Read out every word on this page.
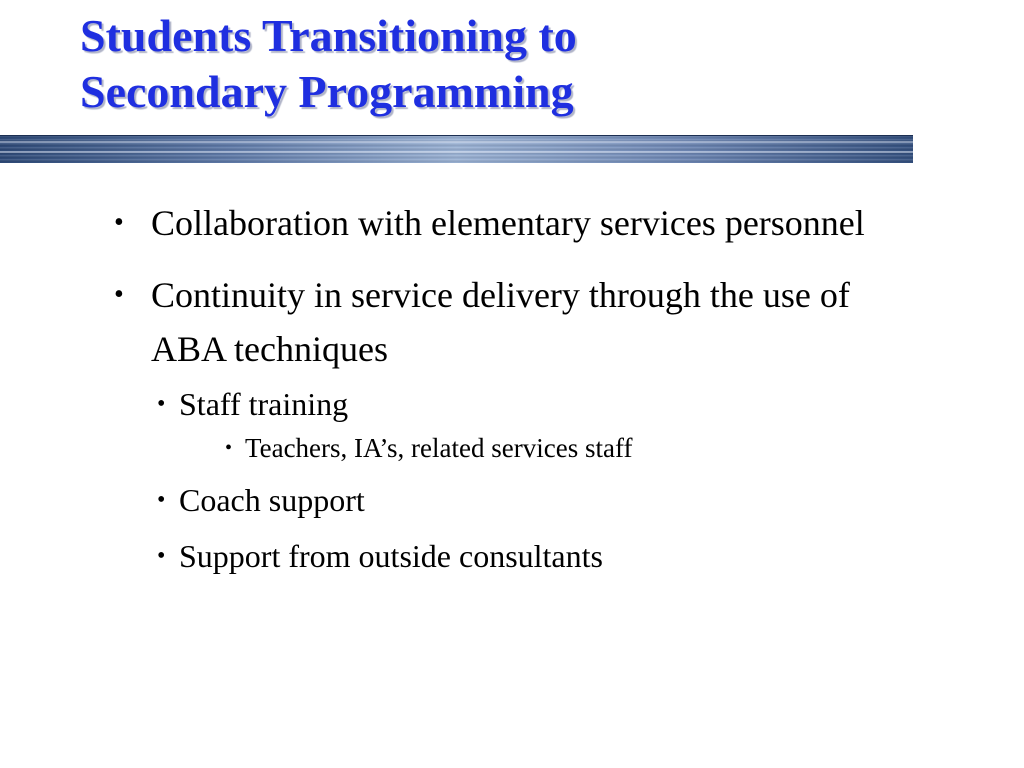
Students Transitioning to
Secondary Programming
• Collaboration with elementary services personnel
• Continuity in service delivery through the use of ABA techniques
• Staff training
• Teachers, IA’s, related services staff
• Coach support
• Support from outside consultants
